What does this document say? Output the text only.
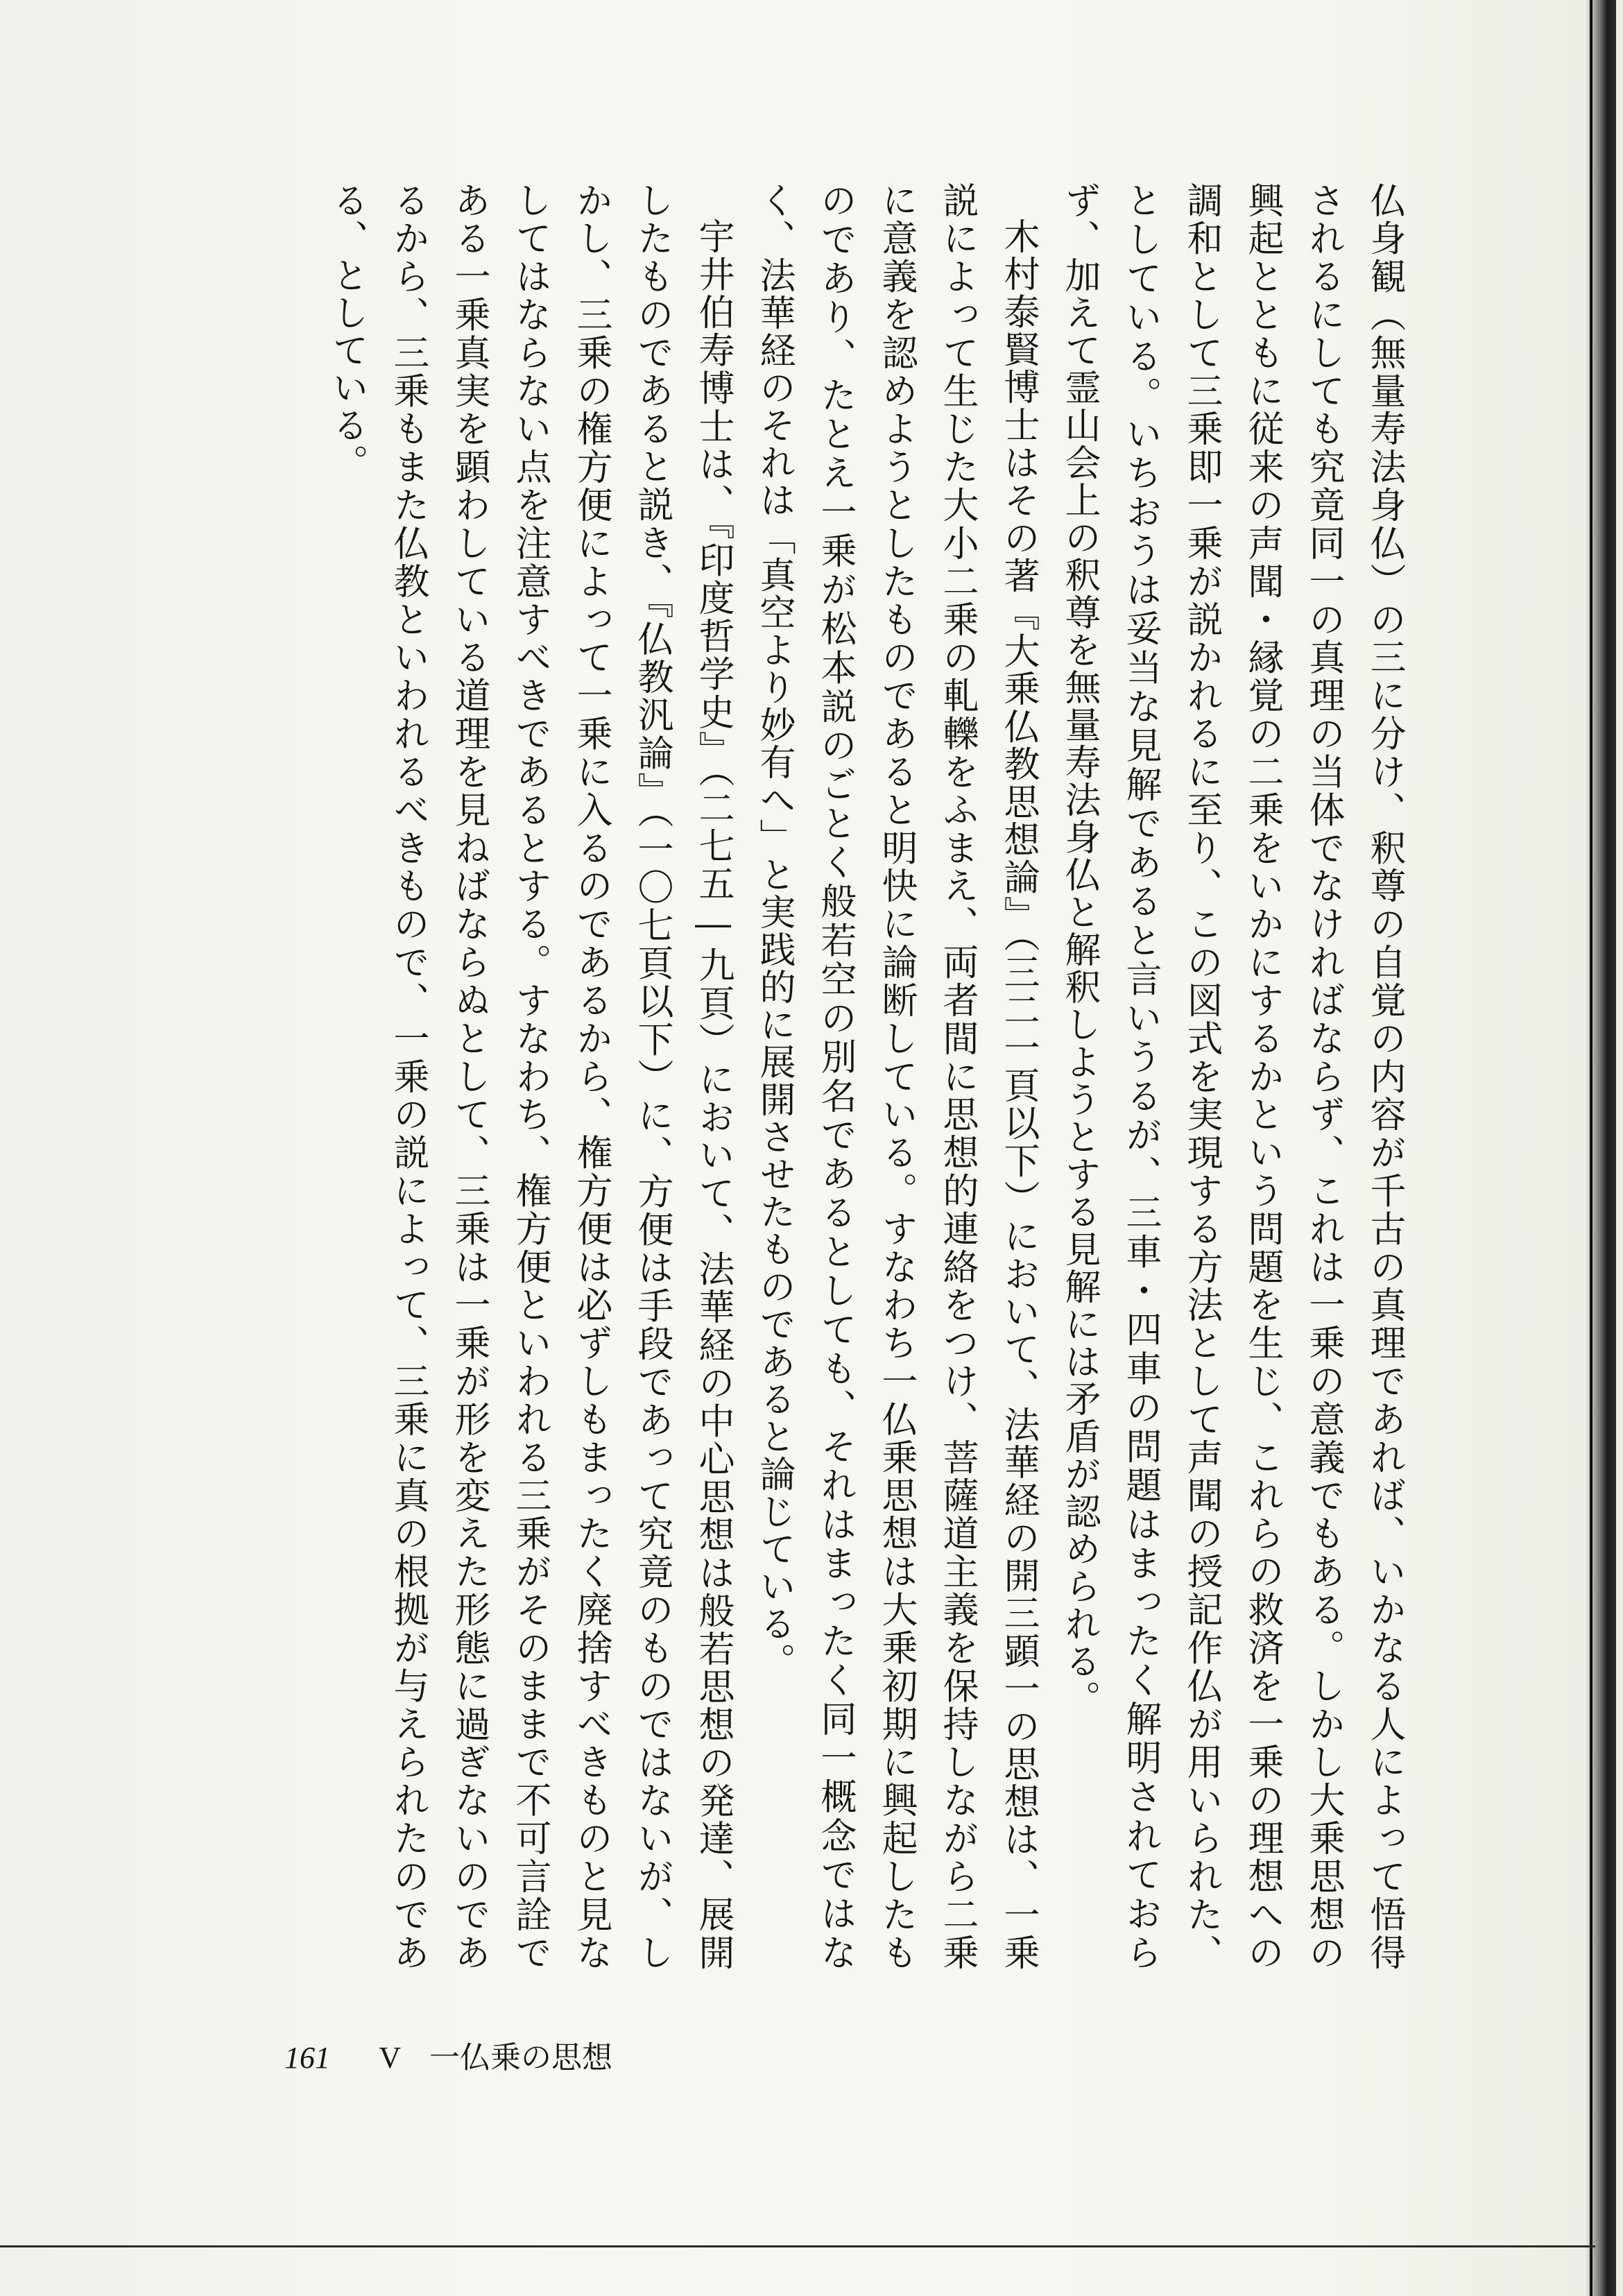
仏身観（無量寿法身仏）の三に分け、釈尊の自覚の内容が千古の真理であれば、いかなる人によって悟得されるにしても究竟同一の真理の当体でなければならず、これは一乗の意義でもある。しかし大乗思想の興起とともに従来の声聞・縁覚の二乗をいかにするかという問題を生じ、これらの救済を一乗の理想への調和として三乗即一乗が説かれるに至り、この図式を実現する方法として声聞の授記作仏が用いられた、としている。いちおうは妥当な見解であると言いうるが、三車・四車の問題はまったく解明されておらず、加えて霊山会上の釈尊を無量寿法身仏と解釈しようとする見解には矛盾が認められる。

木村泰賢博士はその著『大乗仏教思想論』（三二一頁以下）において、法華経の開三顕一の思想は、一乗説によって生じた大小二乗の軋轢をふまえ、両者間に思想的連絡をつけ、菩薩道主義を保持しながら二乗に意義を認めようとしたものであると明快に論断している。すなわち一仏乗思想は大乗初期に興起したものであり、たとえ一乗が松本説のごとく般若空の別名であるとしても、それはまったく同一概念ではなく、法華経のそれは「真空より妙有へ」と実践的に展開させたものであると論じている。

宇井伯寿博士は、『印度哲学史』（二七五―九頁）において、法華経の中心思想は般若思想の発達、展開したものであると説き、『仏教汎論』（一〇七頁以下）に、方便は手段であって究竟のものではないが、しかし、三乗の権方便によって一乗に入るのであるから、権方便は必ずしもまったく廃捨すべきものと見なしてはならない点を注意すべきであるとする。すなわち、権方便といわれる三乗がそのままで不可言詮である一乗真実を顕わしている道理を見ねばならぬとして、三乗は一乗が形を変えた形態に過ぎないのであるから、三乗もまた仏教といわれるべきもので、一乗の説によって、三乗に真の根拠が与えられたのである、としている。

161 V 一仏乗の思想
